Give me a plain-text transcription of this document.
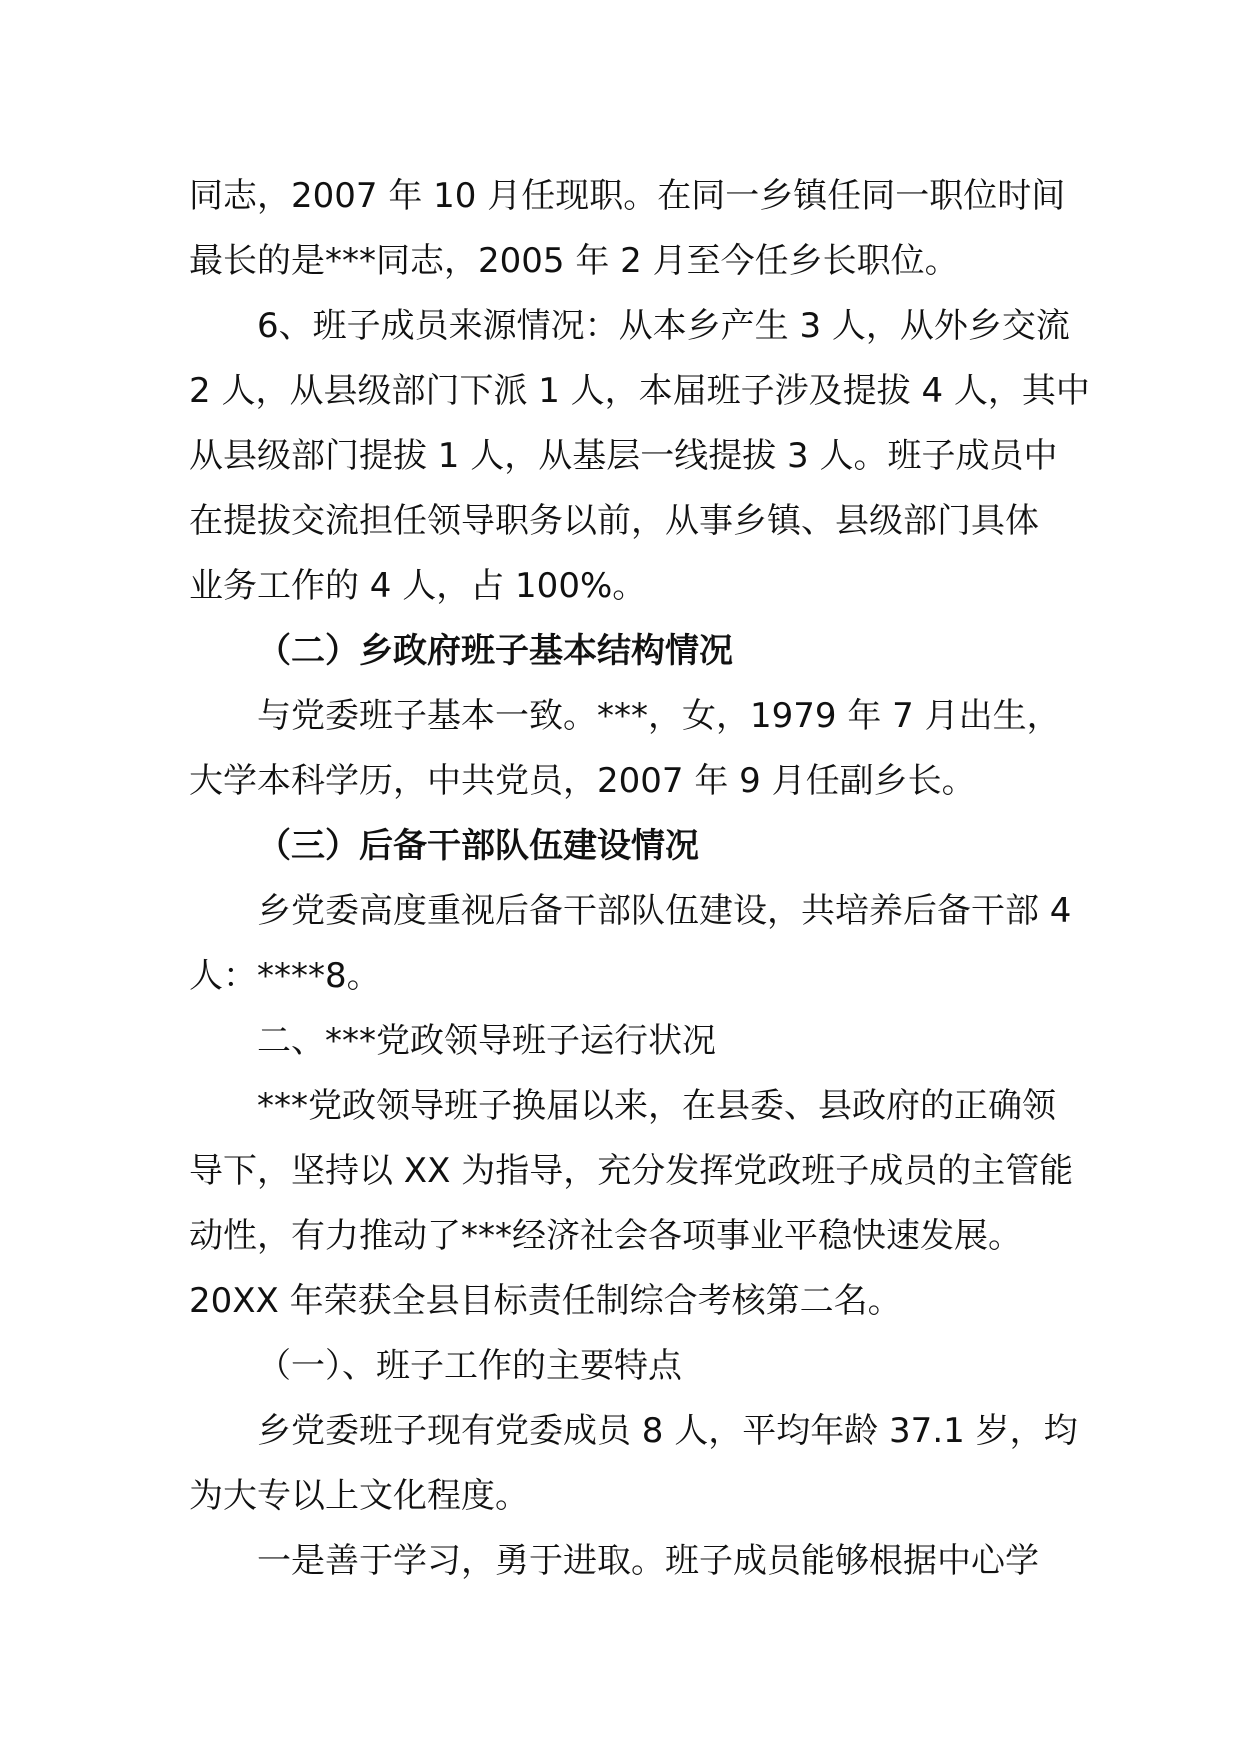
同志，2007 年 10 月任现职。在同一乡镇任同一职位时间
最长的是***同志，2005 年 2 月至今任乡长职位。
6、班子成员来源情况：从本乡产生 3 人，从外乡交流
2 人，从县级部门下派 1 人，本届班子涉及提拔 4 人，其中
从县级部门提拔 1 人，从基层一线提拔 3 人。班子成员中
在提拔交流担任领导职务以前，从事乡镇、县级部门具体
业务工作的 4 人，占 100%。
（二）乡政府班子基本结构情况
与党委班子基本一致。***，女，1979 年 7 月出生，
大学本科学历，中共党员，2007 年 9 月任副乡长。
（三）后备干部队伍建设情况
乡党委高度重视后备干部队伍建设，共培养后备干部 4
人：****8。
二、***党政领导班子运行状况
***党政领导班子换届以来，在县委、县政府的正确领
导下，坚持以 XX 为指导，充分发挥党政班子成员的主管能
动性，有力推动了***经济社会各项事业平稳快速发展。
20XX 年荣获全县目标责任制综合考核第二名。
（一）、班子工作的主要特点
乡党委班子现有党委成员 8 人，平均年龄 37.1 岁，均
为大专以上文化程度。
一是善于学习，勇于进取。班子成员能够根据中心学
